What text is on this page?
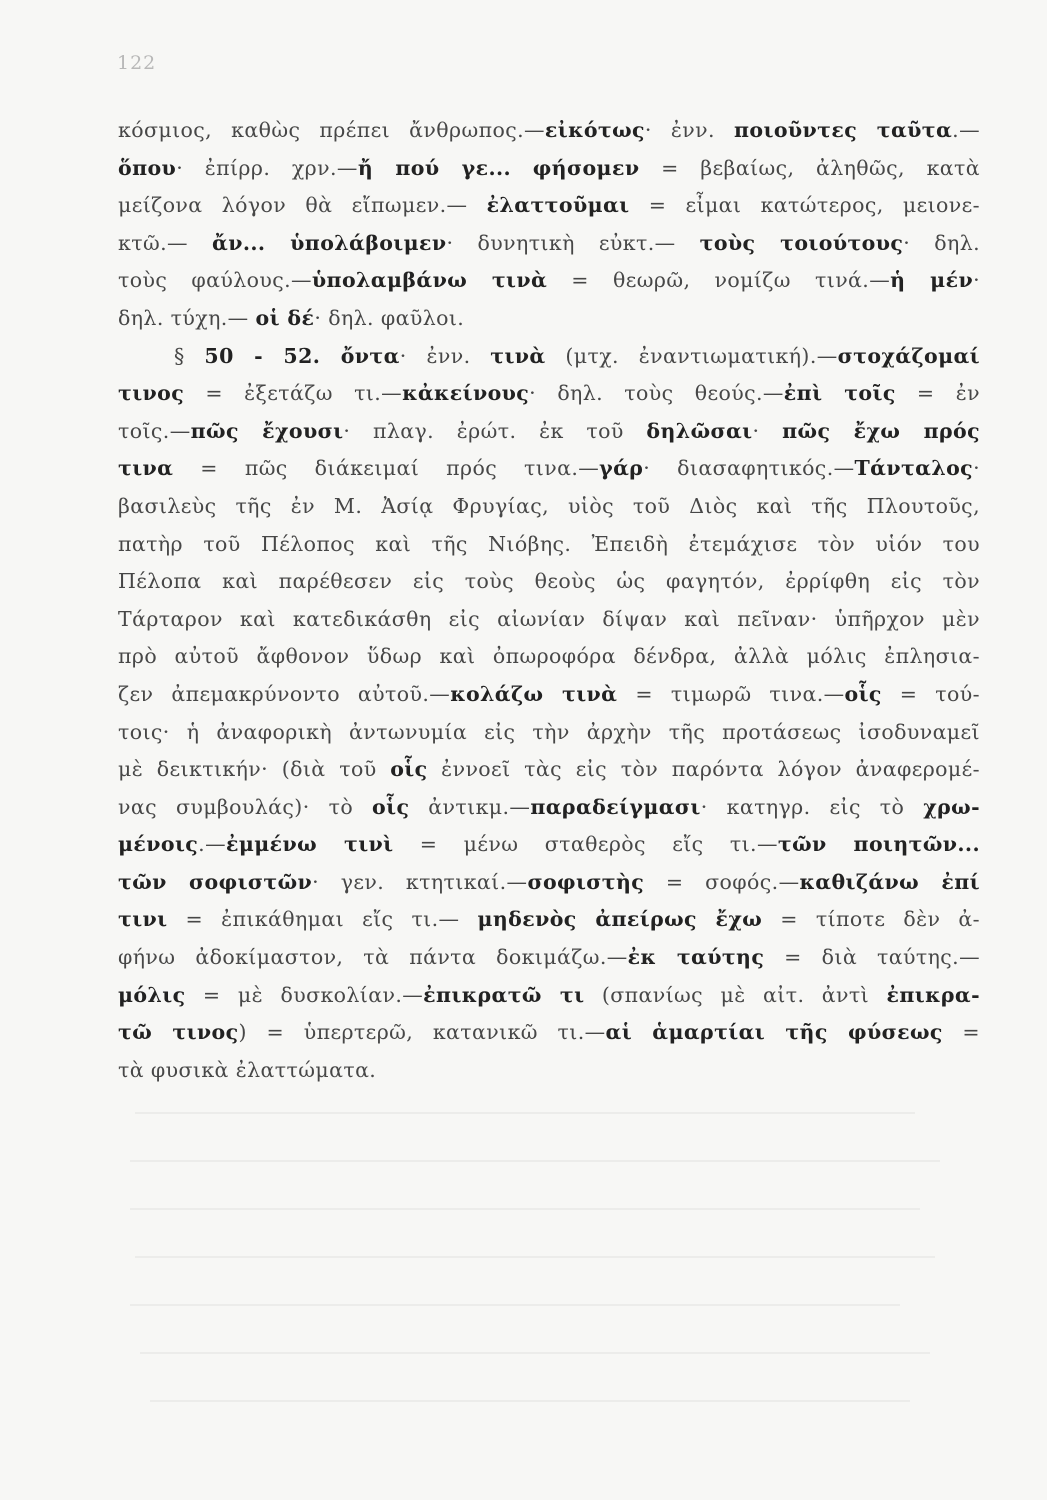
122
κόσμιος, καθὼς πρέπει ἄνθρωπος.—εἰκότως· ἐνν. ποιοῦντες ταῦτα.—
ὅπου· ἐπίρρ. χρν.—ἤ πού γε... φήσομεν = βεβαίως, ἀληθῶς, κατὰ
μείζονα λόγον θὰ εἴπωμεν.— ἐλαττοῦμαι = εἶμαι κατώτερος, μειονε-
κτῶ.— ἄν... ὑπολάβοιμεν· δυνητικὴ εὐκτ.— τοὺς τοιούτους· δηλ.
τοὺς φαύλους.—ὑπολαμβάνω τινὰ = θεωρῶ, νομίζω τινά.—ἡ μέν·
δηλ. τύχη.— οἱ δέ· δηλ. φαῦλοι.
§ 50 - 52. ὄντα· ἐνν. τινὰ (μτχ. ἐναντιωματική).—στοχάζομαί
τινος = ἐξετάζω τι.—κἀκείνους· δηλ. τοὺς θεούς.—ἐπὶ τοῖς = ἐν
τοῖς.—πῶς ἔχουσι· πλαγ. ἐρώτ. ἐκ τοῦ δηλῶσαι· πῶς ἔχω πρός
τινα = πῶς διάκειμαί πρός τινα.—γάρ· διασαφητικός.—Τάνταλος·
βασιλεὺς τῆς ἐν Μ. Ἀσίᾳ Φρυγίας, υἱὸς τοῦ Διὸς καὶ τῆς Πλουτοῦς,
πατὴρ τοῦ Πέλοπος καὶ τῆς Νιόβης. Ἐπειδὴ ἐτεμάχισε τὸν υἱόν του
Πέλοπα καὶ παρέθεσεν εἰς τοὺς θεοὺς ὡς φαγητόν, ἐρρίφθη εἰς τὸν
Τάρταρον καὶ κατεδικάσθη εἰς αἰωνίαν δίψαν καὶ πεῖναν· ὑπῆρχον μὲν
πρὸ αὐτοῦ ἄφθονον ὕδωρ καὶ ὀπωροφόρα δένδρα, ἀλλὰ μόλις ἐπλησια-
ζεν ἀπεμακρύνοντο αὐτοῦ.—κολάζω τινὰ = τιμωρῶ τινα.—οἷς = τού-
τοις· ἡ ἀναφορικὴ ἀντωνυμία εἰς τὴν ἀρχὴν τῆς προτάσεως ἰσοδυναμεῖ
μὲ δεικτικήν· (διὰ τοῦ οἷς ἐννοεῖ τὰς εἰς τὸν παρόντα λόγον ἀναφερομέ-
νας συμβουλάς)· τὸ οἷς ἀντικμ.—παραδείγμασι· κατηγρ. εἰς τὸ χρω-
μένοις.—ἐμμένω τινὶ = μένω σταθερὸς εἴς τι.—τῶν ποιητῶν...
τῶν σοφιστῶν· γεν. κτητικαί.—σοφιστὴς = σοφός.—καθιζάνω ἐπί
τινι = ἐπικάθημαι εἴς τι.— μηδενὸς ἀπείρως ἔχω = τίποτε δὲν ἀ-
φήνω ἀδοκίμαστον, τὰ πάντα δοκιμάζω.—ἐκ ταύτης = διὰ ταύτης.—
μόλις = μὲ δυσκολίαν.—ἐπικρατῶ τι (σπανίως μὲ αἰτ. ἀντὶ ἐπικρα-
τῶ τινος) = ὑπερτερῶ, κατανικῶ τι.—αἱ ἁμαρτίαι τῆς φύσεως =
τὰ φυσικὰ ἐλαττώματα.
